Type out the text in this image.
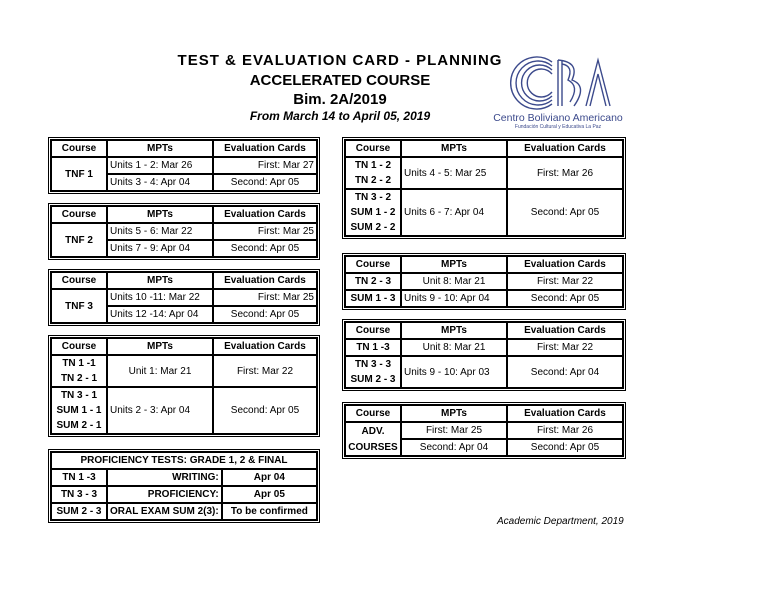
TEST & EVALUATION CARD - PLANNING
ACCELERATED COURSE
Bim. 2A/2019
From March 14 to April 05, 2019	Centro Boliviano Americano
Fundación Cultural y Educativa La Paz
Course	MPTs	Evaluation Cards
TNF 1	Units 1 - 2: Mar 26	First: Mar 27
	Units 3 - 4: Apr 04	Second: Apr 05
Course	MPTs	Evaluation Cards
TNF 2	Units 5 - 6: Mar 22	First: Mar 25
	Units 7 - 9: Apr 04	Second: Apr 05
Course	MPTs	Evaluation Cards
TNF 3	Units 10 -11: Mar 22	First: Mar 25
	Units 12 -14: Apr 04	Second: Apr 05
Course	MPTs	Evaluation Cards
TN 1 -1	Unit 1: Mar 21	First: Mar 22
TN 2 - 1		
TN 3 - 1	Units 2 - 3: Apr 04	Second: Apr 05
SUM 1 - 1		
SUM 2 - 1		
PROFICIENCY TESTS: GRADE 1, 2 & FINAL		
TN 1 -3	WRITING:	Apr 04
TN 3 - 3	PROFICIENCY:	Apr 05
SUM 2 - 3	ORAL EXAM SUM 2(3):	To be confirmed
Course	MPTs	Evaluation Cards
TN 1 - 2	Units 4 - 5: Mar 25	First: Mar 26
TN 2 - 2		
TN 3 - 2	Units 6 - 7: Apr 04	Second: Apr 05
SUM 1 - 2		
SUM 2 - 2		
Course	MPTs	Evaluation Cards
TN 2 - 3	Unit 8: Mar 21	First: Mar 22
SUM 1 - 3	Units 9 - 10: Apr 04	Second: Apr 05
Course	MPTs	Evaluation Cards
TN 1 -3	Unit 8: Mar 21	First: Mar 22
TN 3 - 3	Units 9 - 10: Apr 03	Second: Apr 04
SUM 2 - 3		
Course	MPTs	Evaluation Cards
ADV.	First: Mar 25	First: Mar 26
COURSES	Second: Apr 04	Second: Apr 05
Academic Department, 2019
